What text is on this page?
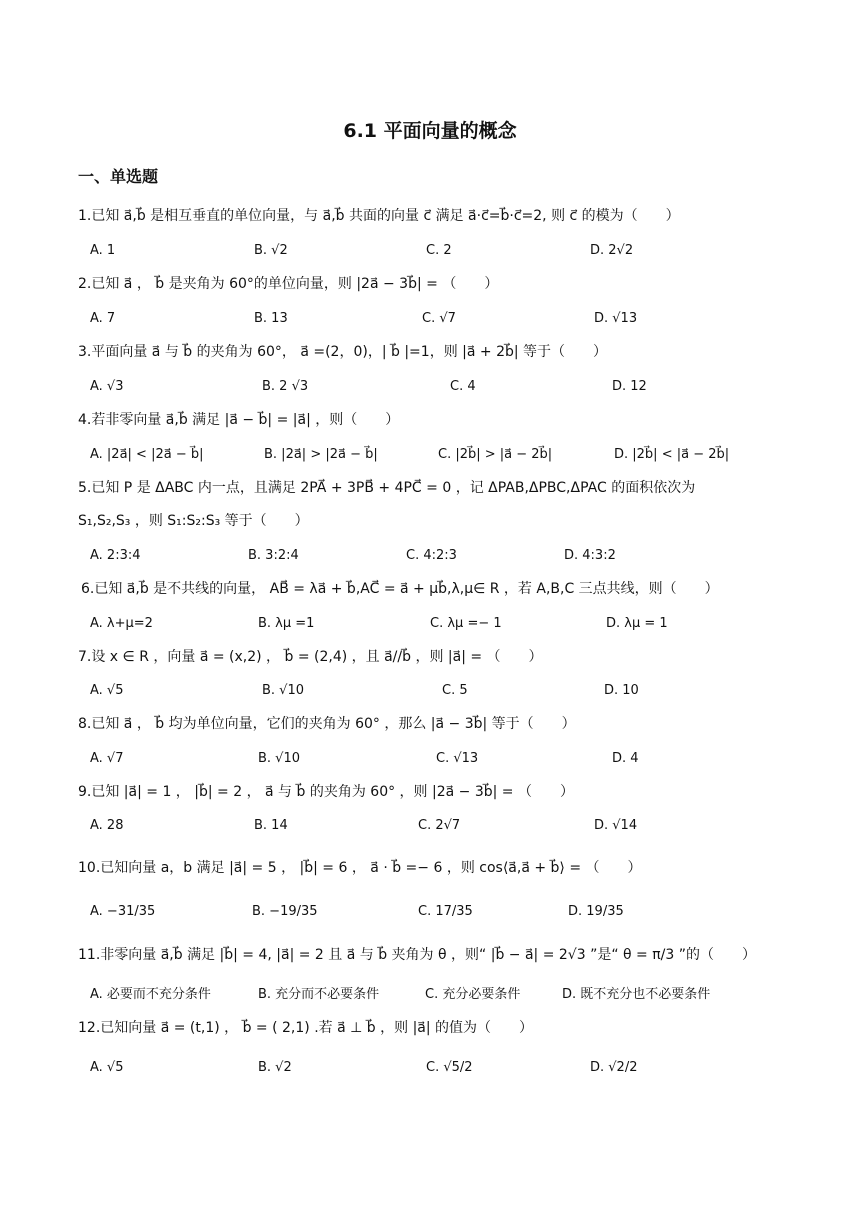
6.1 平面向量的概念
一、单选题
1.已知 a⃗,b⃗ 是相互垂直的单位向量，与 a⃗,b⃗ 共面的向量 c⃗ 满足 a⃗·c⃗=b⃗·c⃗=2, 则 c⃗ 的模为（　　）
A. 1	B. √2	C. 2	D. 2√2
2.已知 a⃗ ， b⃗ 是夹角为 60°的单位向量，则 |2a⃗ − 3b⃗| = （　　）
A. 7	B. 13	C. √7	D. √13
3.平面向量 a⃗ 与 b⃗ 的夹角为 60°， a⃗ =(2，0)，| b⃗ |=1，则 |a⃗ + 2b⃗| 等于（　　）
A. √3	B. 2 √3	C. 4	D. 12
4.若非零向量 a⃗,b⃗ 满足 |a⃗ − b⃗| = |a⃗| ，则（　　）
A. |2a⃗| < |2a⃗ − b⃗|	B. |2a⃗| > |2a⃗ − b⃗|	C. |2b⃗| > |a⃗ − 2b⃗|	D. |2b⃗| < |a⃗ − 2b⃗|
5.已知 P 是 ΔABC 内一点，且满足 2PA⃗ + 3PB⃗ + 4PC⃗ = 0 ，记 ΔPAB,ΔPBC,ΔPAC 的面积依次为
S₁,S₂,S₃ ，则 S₁:S₂:S₃ 等于（　　）
A. 2:3:4	B. 3:2:4	C. 4:2:3	D. 4:3:2
6.已知 a⃗,b⃗ 是不共线的向量， AB⃗ = λa⃗ + b⃗,AC⃗ = a⃗ + μb⃗,λ,μ∈ R ，若 A,B,C 三点共线，则（　　）
A. λ+μ=2	B. λμ =1	C. λμ =− 1	D. λμ = 1
7.设 x ∈ R ，向量 a⃗ = (x,2) ， b⃗ = (2,4) ，且 a⃗//b⃗ ，则 |a⃗| = （　　）
A. √5	B. √10	C. 5	D. 10
8.已知 a⃗ ， b⃗ 均为单位向量，它们的夹角为 60° ，那么 |a⃗ − 3b⃗| 等于（　　）
A. √7	B. √10	C. √13	D. 4
9.已知 |a⃗| = 1 ， |b⃗| = 2 ， a⃗ 与 b⃗ 的夹角为 60° ，则 |2a⃗ − 3b⃗| = （　　）
A. 28	B. 14	C. 2√7	D. √14
10.已知向量 a，b 满足 |a⃗| = 5 ， |b⃗| = 6 ， a⃗ · b⃗ =− 6 ，则 cos⟨a⃗,a⃗ + b⃗⟩ = （　　）
A. −31/35	B. −19/35	C. 17/35	D. 19/35
11.非零向量 a⃗,b⃗ 满足 |b⃗| = 4, |a⃗| = 2 且 a⃗ 与 b⃗ 夹角为 θ ，则“ |b⃗ − a⃗| = 2√3 ”是“ θ = π/3 ”的（　　）
A. 必要而不充分条件	B. 充分而不必要条件	C. 充分必要条件	D. 既不充分也不必要条件
12.已知向量 a⃗ = (t,1) ， b⃗ = ( 2,1) .若 a⃗ ⊥ b⃗ ，则 |a⃗| 的值为（　　）
A. √5	B. √2	C. √5/2	D. √2/2
